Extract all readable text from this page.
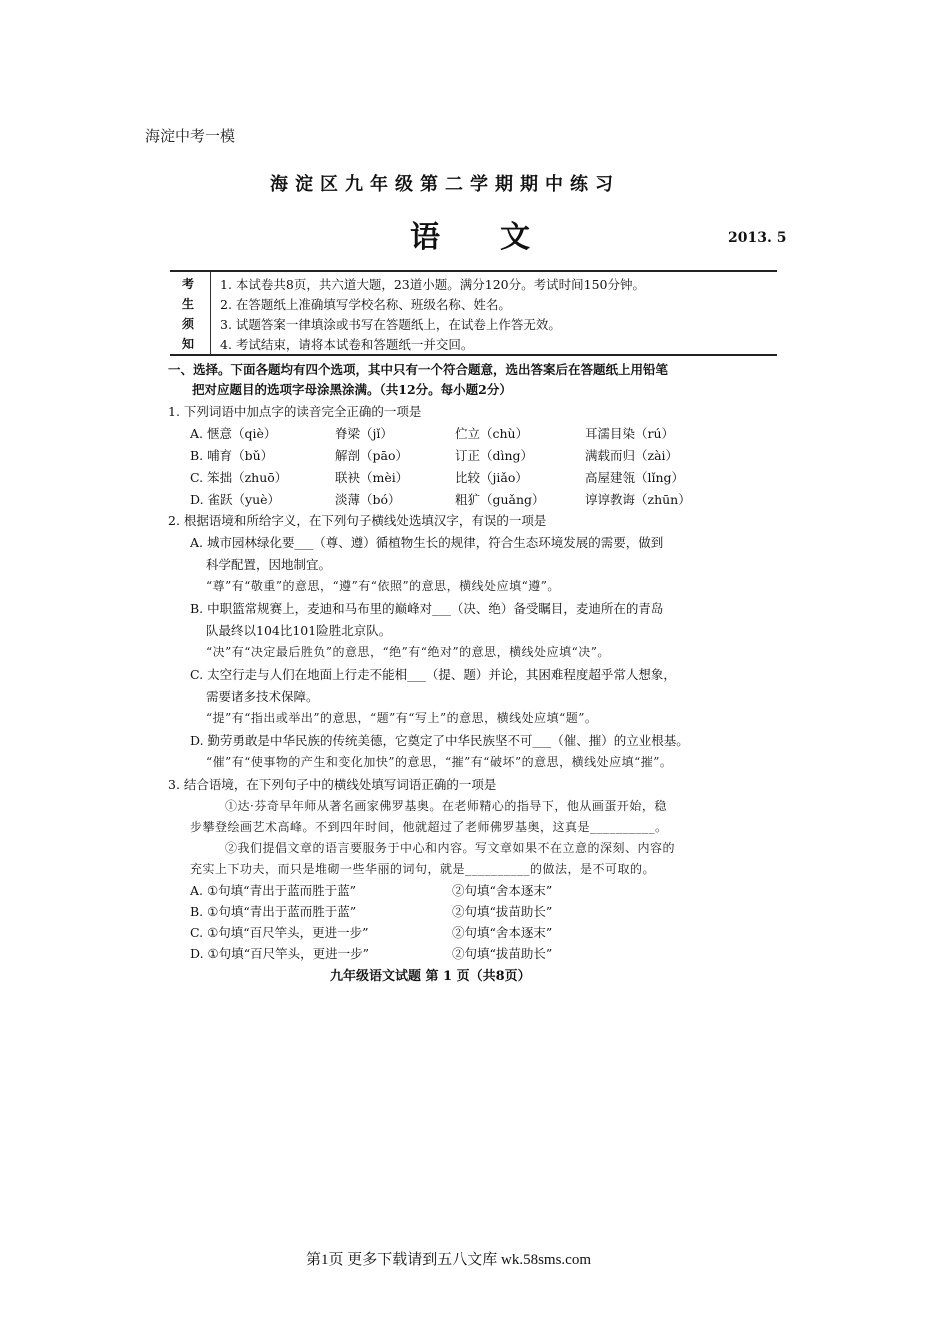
海淀中考一模
海淀区九年级第二学期期中练习
语文	2013. 5
考
生
须
知
1. 本试卷共8页，共六道大题，23道小题。满分120分。考试时间150分钟。
2. 在答题纸上准确填写学校名称、班级名称、姓名。
3. 试题答案一律填涂或书写在答题纸上，在试卷上作答无效。
4. 考试结束，请将本试卷和答题纸一并交回。
一、选择。下面各题均有四个选项，其中只有一个符合题意，选出答案后在答题纸上用铅笔
把对应题目的选项字母涂黑涂满。（共12分。每小题2分）
1. 下列词语中加点字的读音完全正确的一项是
A. 惬意（qiè）	脊梁（jǐ）	伫立（chù）	耳濡目染（rú）
B. 哺育（bǔ）	解剖（pāo）	订正（dìng）	满载而归（zài）
C. 笨拙（zhuō）	联袂（mèi）	比较（jiǎo）	高屋建瓴（lǐng）
D. 雀跃（yuè）	淡薄（bó）	粗犷（guǎng）	谆谆教诲（zhūn）
2. 根据语境和所给字义，在下列句子横线处选填汉字，有误的一项是
A. 城市园林绿化要___（尊、遵）循植物生长的规律，符合生态环境发展的需要，做到
科学配置，因地制宜。
“尊”有“敬重”的意思，“遵”有“依照”的意思，横线处应填“遵”。
B. 中职篮常规赛上，麦迪和马布里的巅峰对___（决、绝）备受瞩目，麦迪所在的青岛
队最终以104比101险胜北京队。
“决”有“决定最后胜负”的意思，“绝”有“绝对”的意思，横线处应填“决”。
C. 太空行走与人们在地面上行走不能相___（提、题）并论，其困难程度超乎常人想象，
需要诸多技术保障。
“提”有“指出或举出”的意思，“题”有“写上”的意思，横线处应填“题”。
D. 勤劳勇敢是中华民族的传统美德，它奠定了中华民族坚不可___（催、摧）的立业根基。
“催”有“使事物的产生和变化加快”的意思，“摧”有“破坏”的意思，横线处应填“摧”。
3. 结合语境，在下列句子中的横线处填写词语正确的一项是
①达·芬奇早年师从著名画家佛罗基奥。在老师精心的指导下，他从画蛋开始，稳
步攀登绘画艺术高峰。不到四年时间，他就超过了老师佛罗基奥，这真是__________。
②我们提倡文章的语言要服务于中心和内容。写文章如果不在立意的深刻、内容的
充实上下功夫，而只是堆砌一些华丽的词句，就是__________的做法，是不可取的。
A. ①句填“青出于蓝而胜于蓝”	②句填“舍本逐末”
B. ①句填“青出于蓝而胜于蓝”	②句填“拔苗助长”
C. ①句填“百尺竿头，更进一步”	②句填“舍本逐末”
九年级语文试题 第 1 页（共8页）
D. ①句填“百尺竿头，更进一步”	②句填“拔苗助长”
第1页 更多下载请到五八文库 wk.58sms.com
